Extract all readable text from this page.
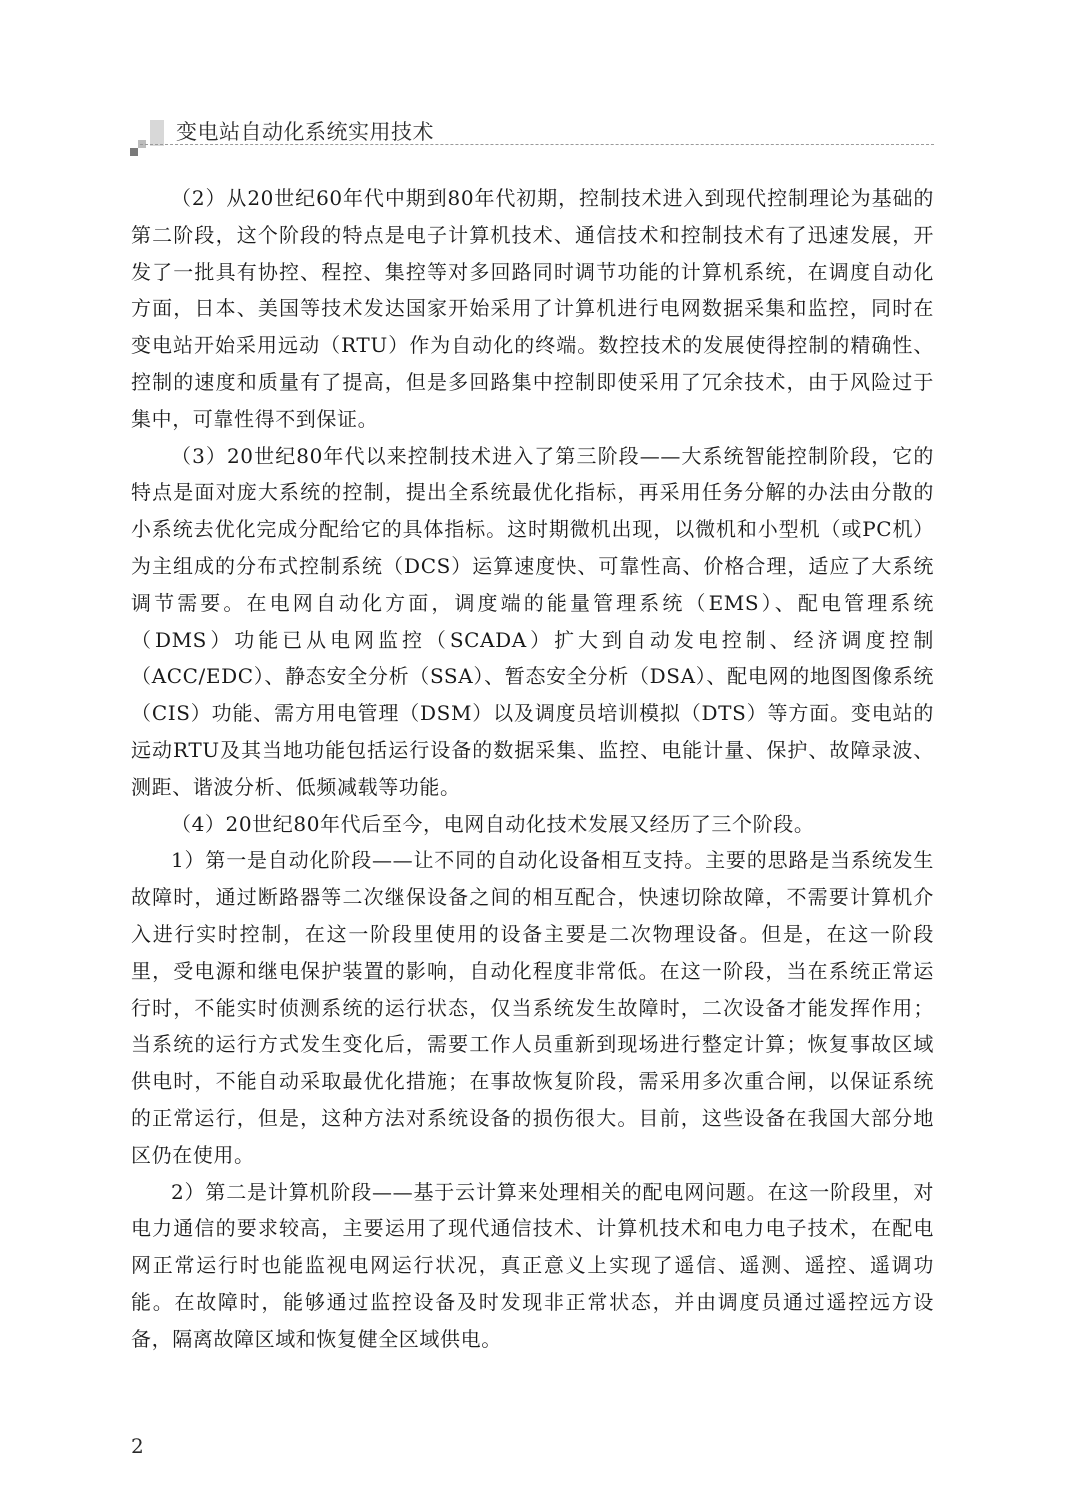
变电站自动化系统实用技术

（2）从20世纪60年代中期到80年代初期，控制技术进入到现代控制理论为基础的第二阶段，这个阶段的特点是电子计算机技术、通信技术和控制技术有了迅速发展，开发了一批具有协控、程控、集控等对多回路同时调节功能的计算机系统，在调度自动化方面，日本、美国等技术发达国家开始采用了计算机进行电网数据采集和监控，同时在变电站开始采用远动（RTU）作为自动化的终端。数控技术的发展使得控制的精确性、控制的速度和质量有了提高，但是多回路集中控制即使采用了冗余技术，由于风险过于集中，可靠性得不到保证。

（3）20世纪80年代以来控制技术进入了第三阶段——大系统智能控制阶段，它的特点是面对庞大系统的控制，提出全系统最优化指标，再采用任务分解的办法由分散的小系统去优化完成分配给它的具体指标。这时期微机出现，以微机和小型机（或PC机）为主组成的分布式控制系统（DCS）运算速度快、可靠性高、价格合理，适应了大系统调节需要。在电网自动化方面，调度端的能量管理系统（EMS）、配电管理系统（DMS）功能已从电网监控（SCADA）扩大到自动发电控制、经济调度控制（ACC/EDC）、静态安全分析（SSA）、暂态安全分析（DSA）、配电网的地图图像系统（CIS）功能、需方用电管理（DSM）以及调度员培训模拟（DTS）等方面。变电站的远动RTU及其当地功能包括运行设备的数据采集、监控、电能计量、保护、故障录波、测距、谐波分析、低频减载等功能。

（4）20世纪80年代后至今，电网自动化技术发展又经历了三个阶段。

1）第一是自动化阶段——让不同的自动化设备相互支持。主要的思路是当系统发生故障时，通过断路器等二次继保设备之间的相互配合，快速切除故障，不需要计算机介入进行实时控制，在这一阶段里使用的设备主要是二次物理设备。但是，在这一阶段里，受电源和继电保护装置的影响，自动化程度非常低。在这一阶段，当在系统正常运行时，不能实时侦测系统的运行状态，仅当系统发生故障时，二次设备才能发挥作用；当系统的运行方式发生变化后，需要工作人员重新到现场进行整定计算；恢复事故区域供电时，不能自动采取最优化措施；在事故恢复阶段，需采用多次重合闸，以保证系统的正常运行，但是，这种方法对系统设备的损伤很大。目前，这些设备在我国大部分地区仍在使用。

2）第二是计算机阶段——基于云计算来处理相关的配电网问题。在这一阶段里，对电力通信的要求较高，主要运用了现代通信技术、计算机技术和电力电子技术，在配电网正常运行时也能监视电网运行状况，真正意义上实现了遥信、遥测、遥控、遥调功能。在故障时，能够通过监控设备及时发现非正常状态，并由调度员通过遥控远方设备，隔离故障区域和恢复健全区域供电。

2
